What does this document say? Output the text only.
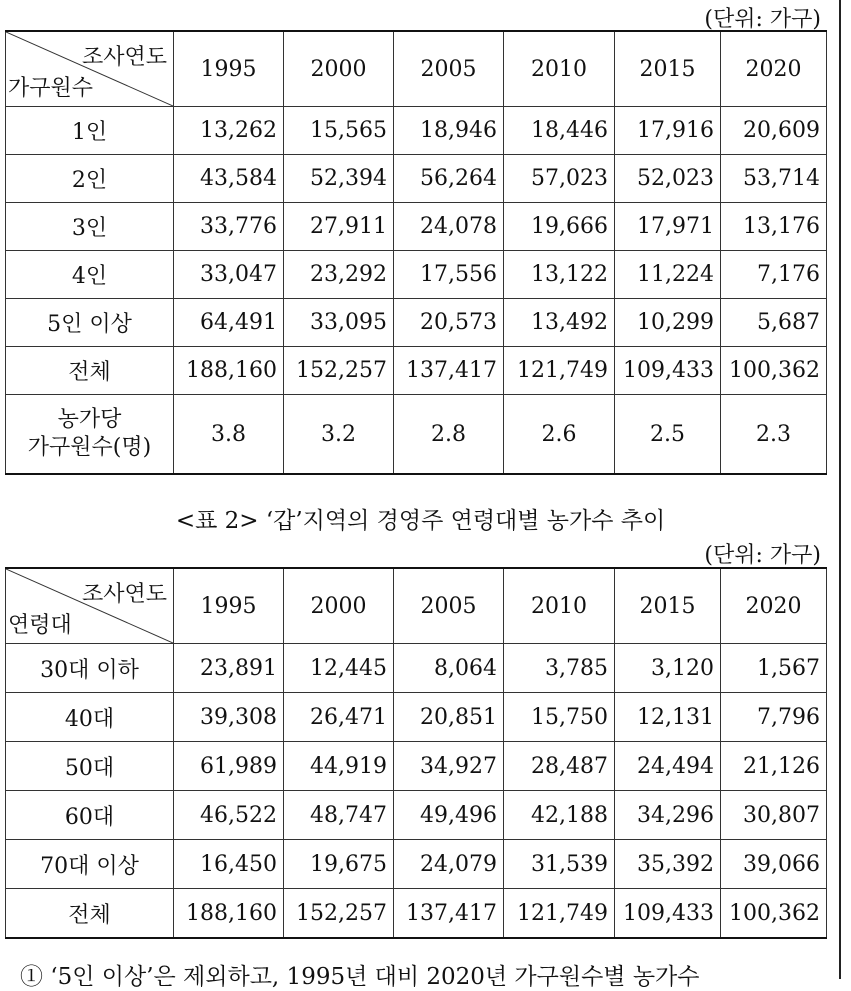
(단위: 가구)
조사연도
가구원수	1995	2000	2005	2010	2015	2020
1인	13,262	15,565	18,946	18,446	17,916	20,609
2인	43,584	52,394	56,264	57,023	52,023	53,714
3인	33,776	27,911	24,078	19,666	17,971	13,176
4인	33,047	23,292	17,556	13,122	11,224	7,176
5인 이상	64,491	33,095	20,573	13,492	10,299	5,687
전체	188,160	152,257	137,417	121,749	109,433	100,362
농가당
가구원수(명)	3.8	3.2	2.8	2.6	2.5	2.3
<표 2> ‘갑’지역의 경영주 연령대별 농가수 추이
(단위: 가구)
조사연도
연령대	1995	2000	2005	2010	2015	2020
30대 이하	23,891	12,445	8,064	3,785	3,120	1,567
40대	39,308	26,471	20,851	15,750	12,131	7,796
50대	61,989	44,919	34,927	28,487	24,494	21,126
60대	46,522	48,747	49,496	42,188	34,296	30,807
70대 이상	16,450	19,675	24,079	31,539	35,392	39,066
전체	188,160	152,257	137,417	121,749	109,433	100,362
① ‘5인 이상’은 제외하고, 1995년 대비 2020년 가구원수별 농가수
